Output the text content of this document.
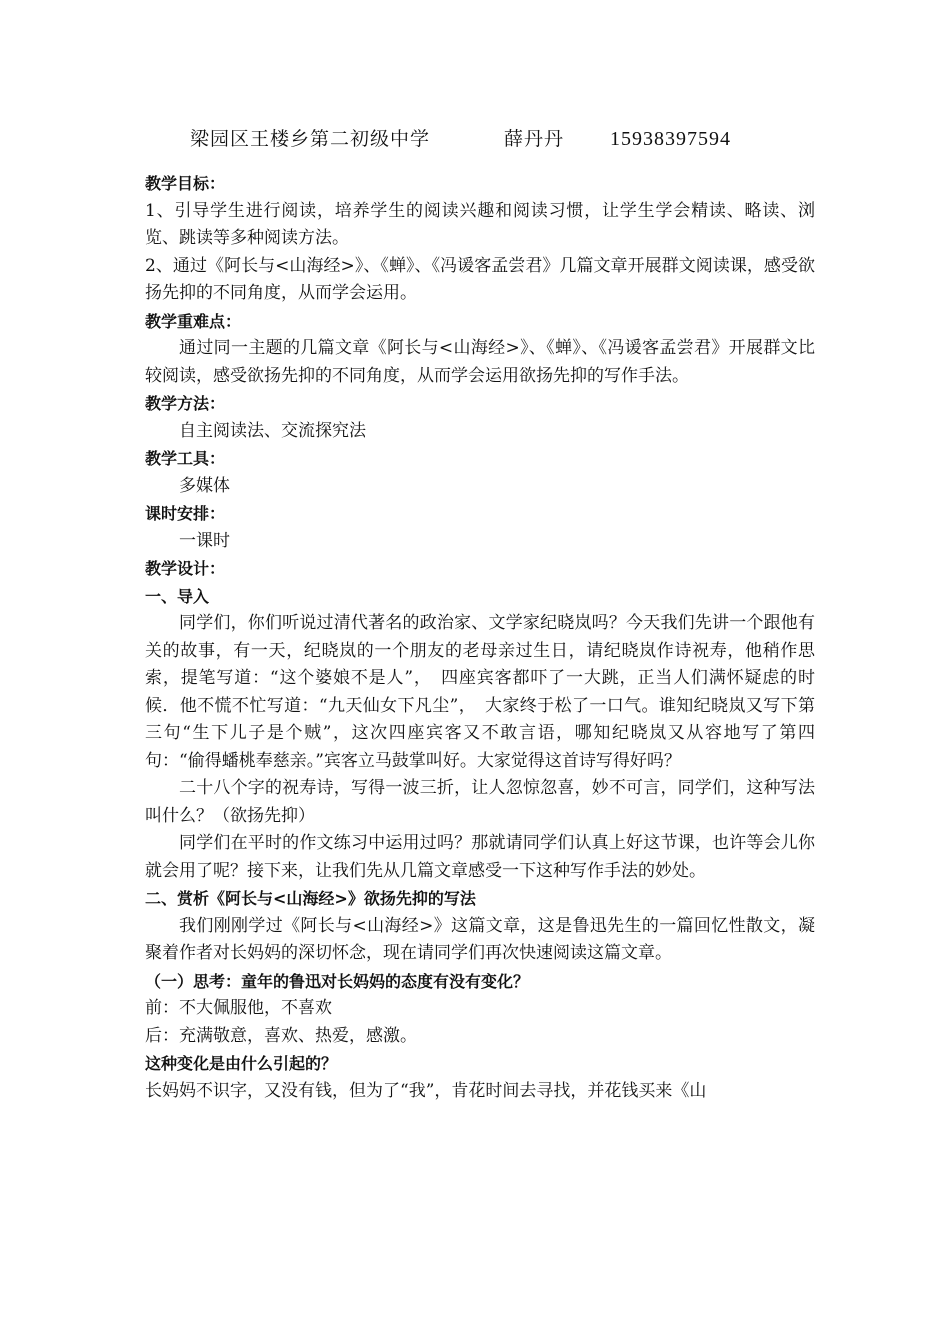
梁园区王楼乡第二初级中学	薛丹丹 15938397594

教学目标：

1、引导学生进行阅读，培养学生的阅读兴趣和阅读习惯，让学生学会精读、略读、浏览、跳读等多种阅读方法。

2、通过《阿长与<山海经>》、《蝉》、《冯谖客孟尝君》几篇文章开展群文阅读课，感受欲扬先抑的不同角度，从而学会运用。

教学重难点：

通过同一主题的几篇文章《阿长与<山海经>》、《蝉》、《冯谖客孟尝君》开展群文比较阅读，感受欲扬先抑的不同角度，从而学会运用欲扬先抑的写作手法。

教学方法：

自主阅读法、交流探究法

教学工具：

多媒体

课时安排：

一课时

教学设计：

一、导入

同学们，你们听说过清代著名的政治家、文学家纪晓岚吗？今天我们先讲一个跟他有关的故事，有一天，纪晓岚的一个朋友的老母亲过生日，请纪晓岚作诗祝寿，他稍作思索，提笔写道：“这个婆娘不是人”，　四座宾客都吓了一大跳，正当人们满怀疑虑的时候．他不慌不忙写道：“九天仙女下凡尘”，　大家终于松了一口气。谁知纪晓岚又写下第三句“生下儿子是个贼”，这次四座宾客又不敢言语，哪知纪晓岚又从容地写了第四句：“偷得蟠桃奉慈亲。”宾客立马鼓掌叫好。大家觉得这首诗写得好吗？

二十八个字的祝寿诗，写得一波三折，让人忽惊忽喜，妙不可言，同学们，这种写法叫什么？（欲扬先抑）

同学们在平时的作文练习中运用过吗？那就请同学们认真上好这节课，也许等会儿你就会用了呢？接下来，让我们先从几篇文章感受一下这种写作手法的妙处。

二、赏析《阿长与<山海经>》欲扬先抑的写法

我们刚刚学过《阿长与<山海经>》这篇文章，这是鲁迅先生的一篇回忆性散文，凝聚着作者对长妈妈的深切怀念，现在请同学们再次快速阅读这篇文章。

（一）思考：童年的鲁迅对长妈妈的态度有没有变化？

前：不大佩服他，不喜欢

后：充满敬意，喜欢、热爱，感激。

这种变化是由什么引起的？

长妈妈不识字，又没有钱，但为了“我”，肯花时间去寻找，并花钱买来《山
